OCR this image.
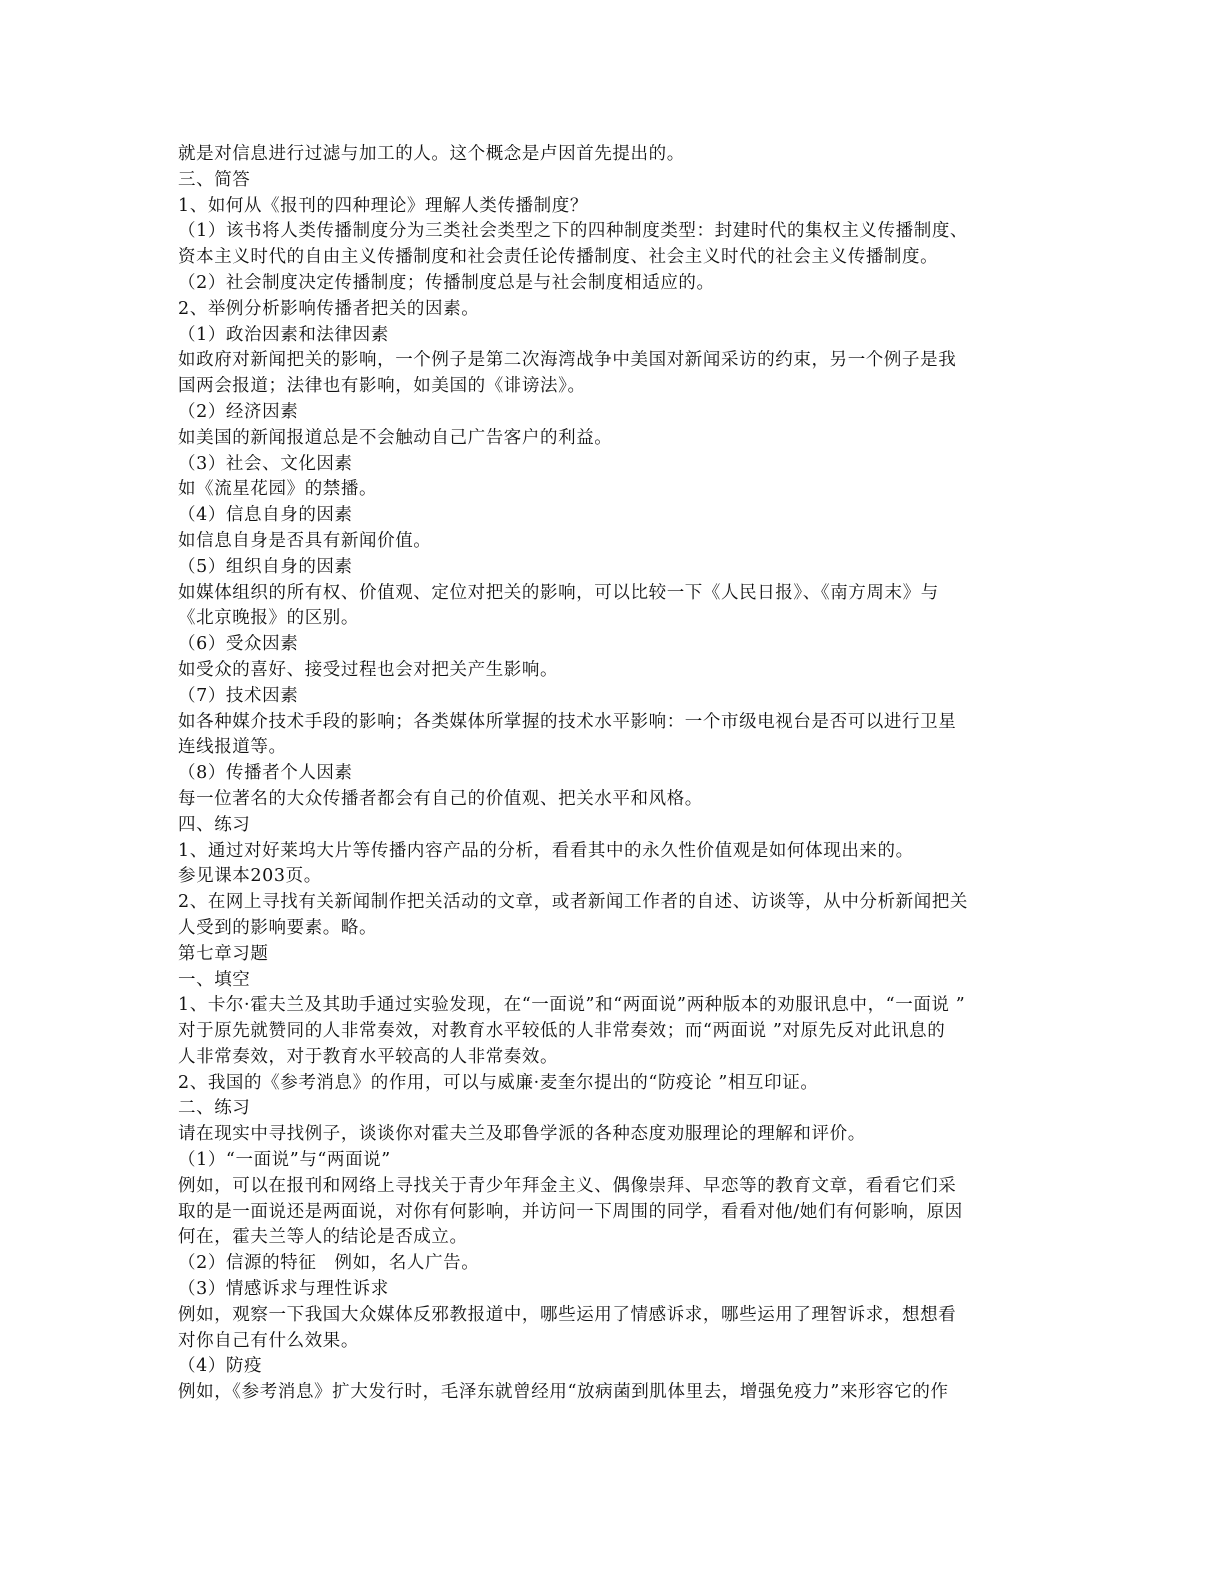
就是对信息进行过滤与加工的人。这个概念是卢因首先提出的。
三、简答
1、如何从《报刊的四种理论》理解人类传播制度？
（1）该书将人类传播制度分为三类社会类型之下的四种制度类型：封建时代的集权主义传播制度、
资本主义时代的自由主义传播制度和社会责任论传播制度、社会主义时代的社会主义传播制度。
（2）社会制度决定传播制度；传播制度总是与社会制度相适应的。
2、举例分析影响传播者把关的因素。
（1）政治因素和法律因素
如政府对新闻把关的影响，一个例子是第二次海湾战争中美国对新闻采访的约束，另一个例子是我
国两会报道；法律也有影响，如美国的《诽谤法》。
（2）经济因素
如美国的新闻报道总是不会触动自己广告客户的利益。
（3）社会、文化因素
如《流星花园》的禁播。
（4）信息自身的因素
如信息自身是否具有新闻价值。
（5）组织自身的因素
如媒体组织的所有权、价值观、定位对把关的影响，可以比较一下《人民日报》、《南方周末》与
《北京晚报》的区别。
（6）受众因素
如受众的喜好、接受过程也会对把关产生影响。
（7）技术因素
如各种媒介技术手段的影响；各类媒体所掌握的技术水平影响：一个市级电视台是否可以进行卫星
连线报道等。
（8）传播者个人因素
每一位著名的大众传播者都会有自己的价值观、把关水平和风格。
四、练习
1、通过对好莱坞大片等传播内容产品的分析，看看其中的永久性价值观是如何体现出来的。
参见课本203页。
2、在网上寻找有关新闻制作把关活动的文章，或者新闻工作者的自述、访谈等，从中分析新闻把关
人受到的影响要素。略。
第七章习题
一、填空
1、卡尔·霍夫兰及其助手通过实验发现，在“一面说”和“两面说”两种版本的劝服讯息中，“一面说 ”
对于原先就赞同的人非常奏效，对教育水平较低的人非常奏效；而“两面说 ”对原先反对此讯息的
人非常奏效，对于教育水平较高的人非常奏效。
2、我国的《参考消息》的作用，可以与威廉·麦奎尔提出的“防疫论 ”相互印证。
二、练习
请在现实中寻找例子，谈谈你对霍夫兰及耶鲁学派的各种态度劝服理论的理解和评价。
（1）“一面说”与“两面说”
例如，可以在报刊和网络上寻找关于青少年拜金主义、偶像崇拜、早恋等的教育文章，看看它们采
取的是一面说还是两面说，对你有何影响，并访问一下周围的同学，看看对他/她们有何影响，原因
何在，霍夫兰等人的结论是否成立。
（2）信源的特征　例如，名人广告。
（3）情感诉求与理性诉求
例如，观察一下我国大众媒体反邪教报道中，哪些运用了情感诉求，哪些运用了理智诉求，想想看
对你自己有什么效果。
（4）防疫
例如，《参考消息》扩大发行时，毛泽东就曾经用“放病菌到肌体里去，增强免疫力”来形容它的作
